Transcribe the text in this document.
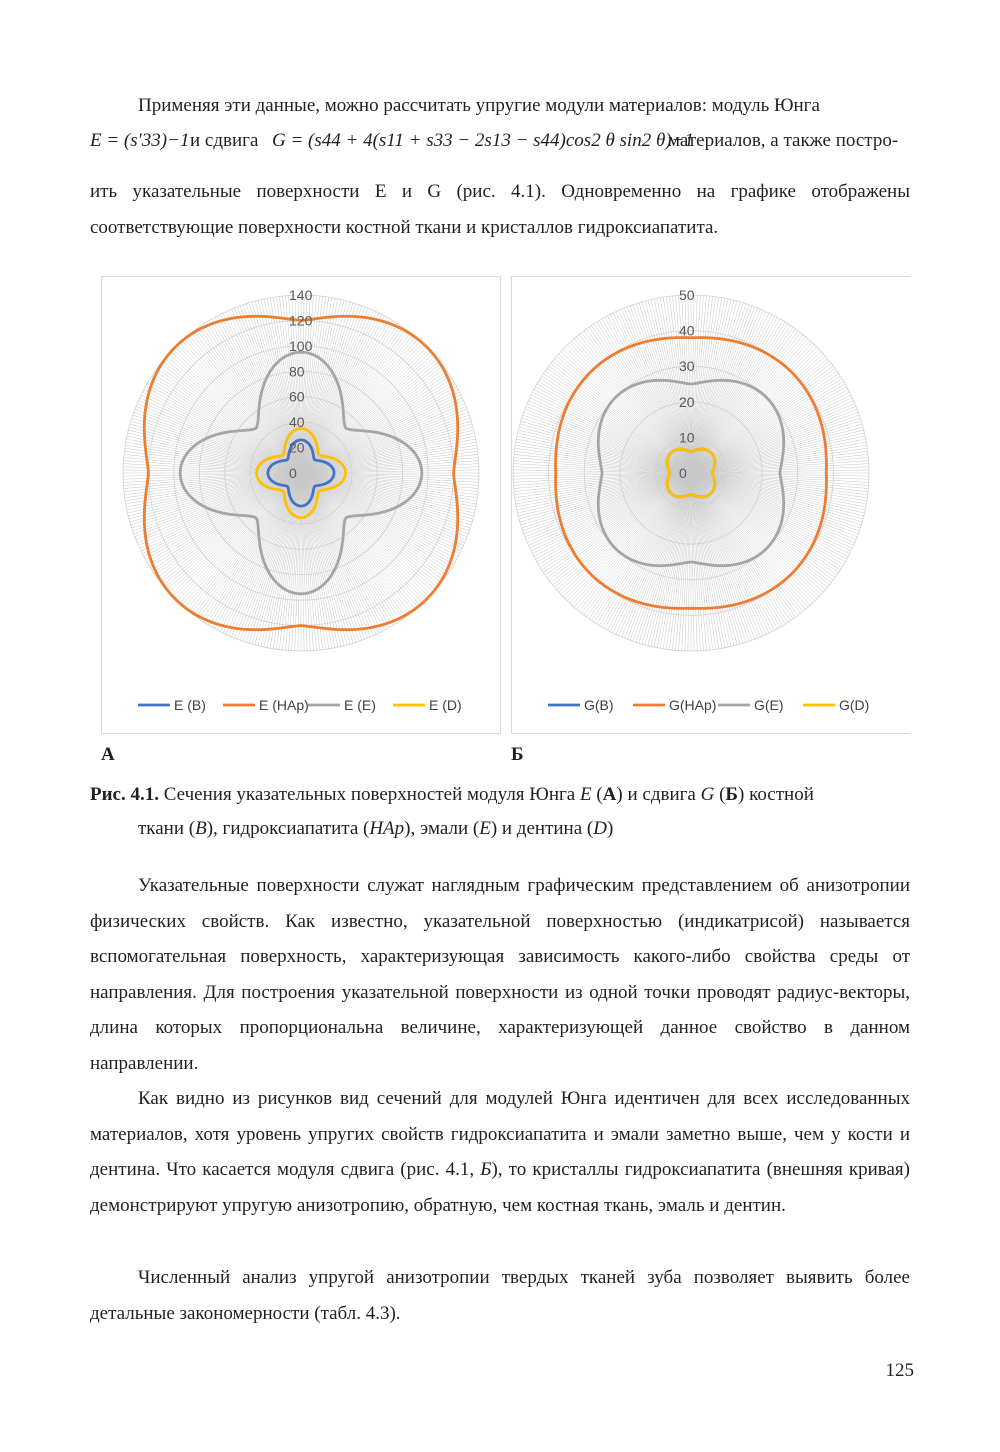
Применяя эти данные, можно рассчитать упругие модули материалов: модуль Юнга

E = (s′33)−1 и сдвига G = (s44 + 4(s11 + s33 − 2s13 − s44)cos2 θ sin2 θ)−1
материалов, а также постро-

ить указательные поверхности E и G (рис. 4.1). Одновременно на графике отображены соответствующие поверхности костной ткани и кристаллов гидроксиапатита.

0
20
40
60
80
100
120
140
E (B)	E (HAp)	E (E)	E (D)
0
10
20
30
40
50
G(B)	G(HAp)	G(E)	G(D)
А	Б
Рис. 4.1. Сечения указательных поверхностей модуля Юнга E (А) и сдвига G (Б) костной
ткани (B), гидроксиапатита (HAp), эмали (E) и дентина (D)

Указательные поверхности служат наглядным графическим представлением об анизотропии физических свойств. Как известно, указательной поверхностью (индикатрисой) называется вспомогательная поверхность, характеризующая зависимость какого-либо свойства среды от направления. Для построения указательной поверхности из одной точки проводят радиус-векторы, длина которых пропорциональна величине, характеризующей данное свойство в данном направлении.

Как видно из рисунков вид сечений для модулей Юнга идентичен для всех исследованных материалов, хотя уровень упругих свойств гидроксиапатита и эмали заметно выше, чем у кости и дентина. Что касается модуля сдвига (рис. 4.1, Б), то кристаллы гидроксиапатита (внешняя кривая) демонстрируют упругую анизотропию, обратную, чем костная ткань, эмаль и дентин.

Численный анализ упругой анизотропии твердых тканей зуба позволяет выявить более детальные закономерности (табл. 4.3).

125
